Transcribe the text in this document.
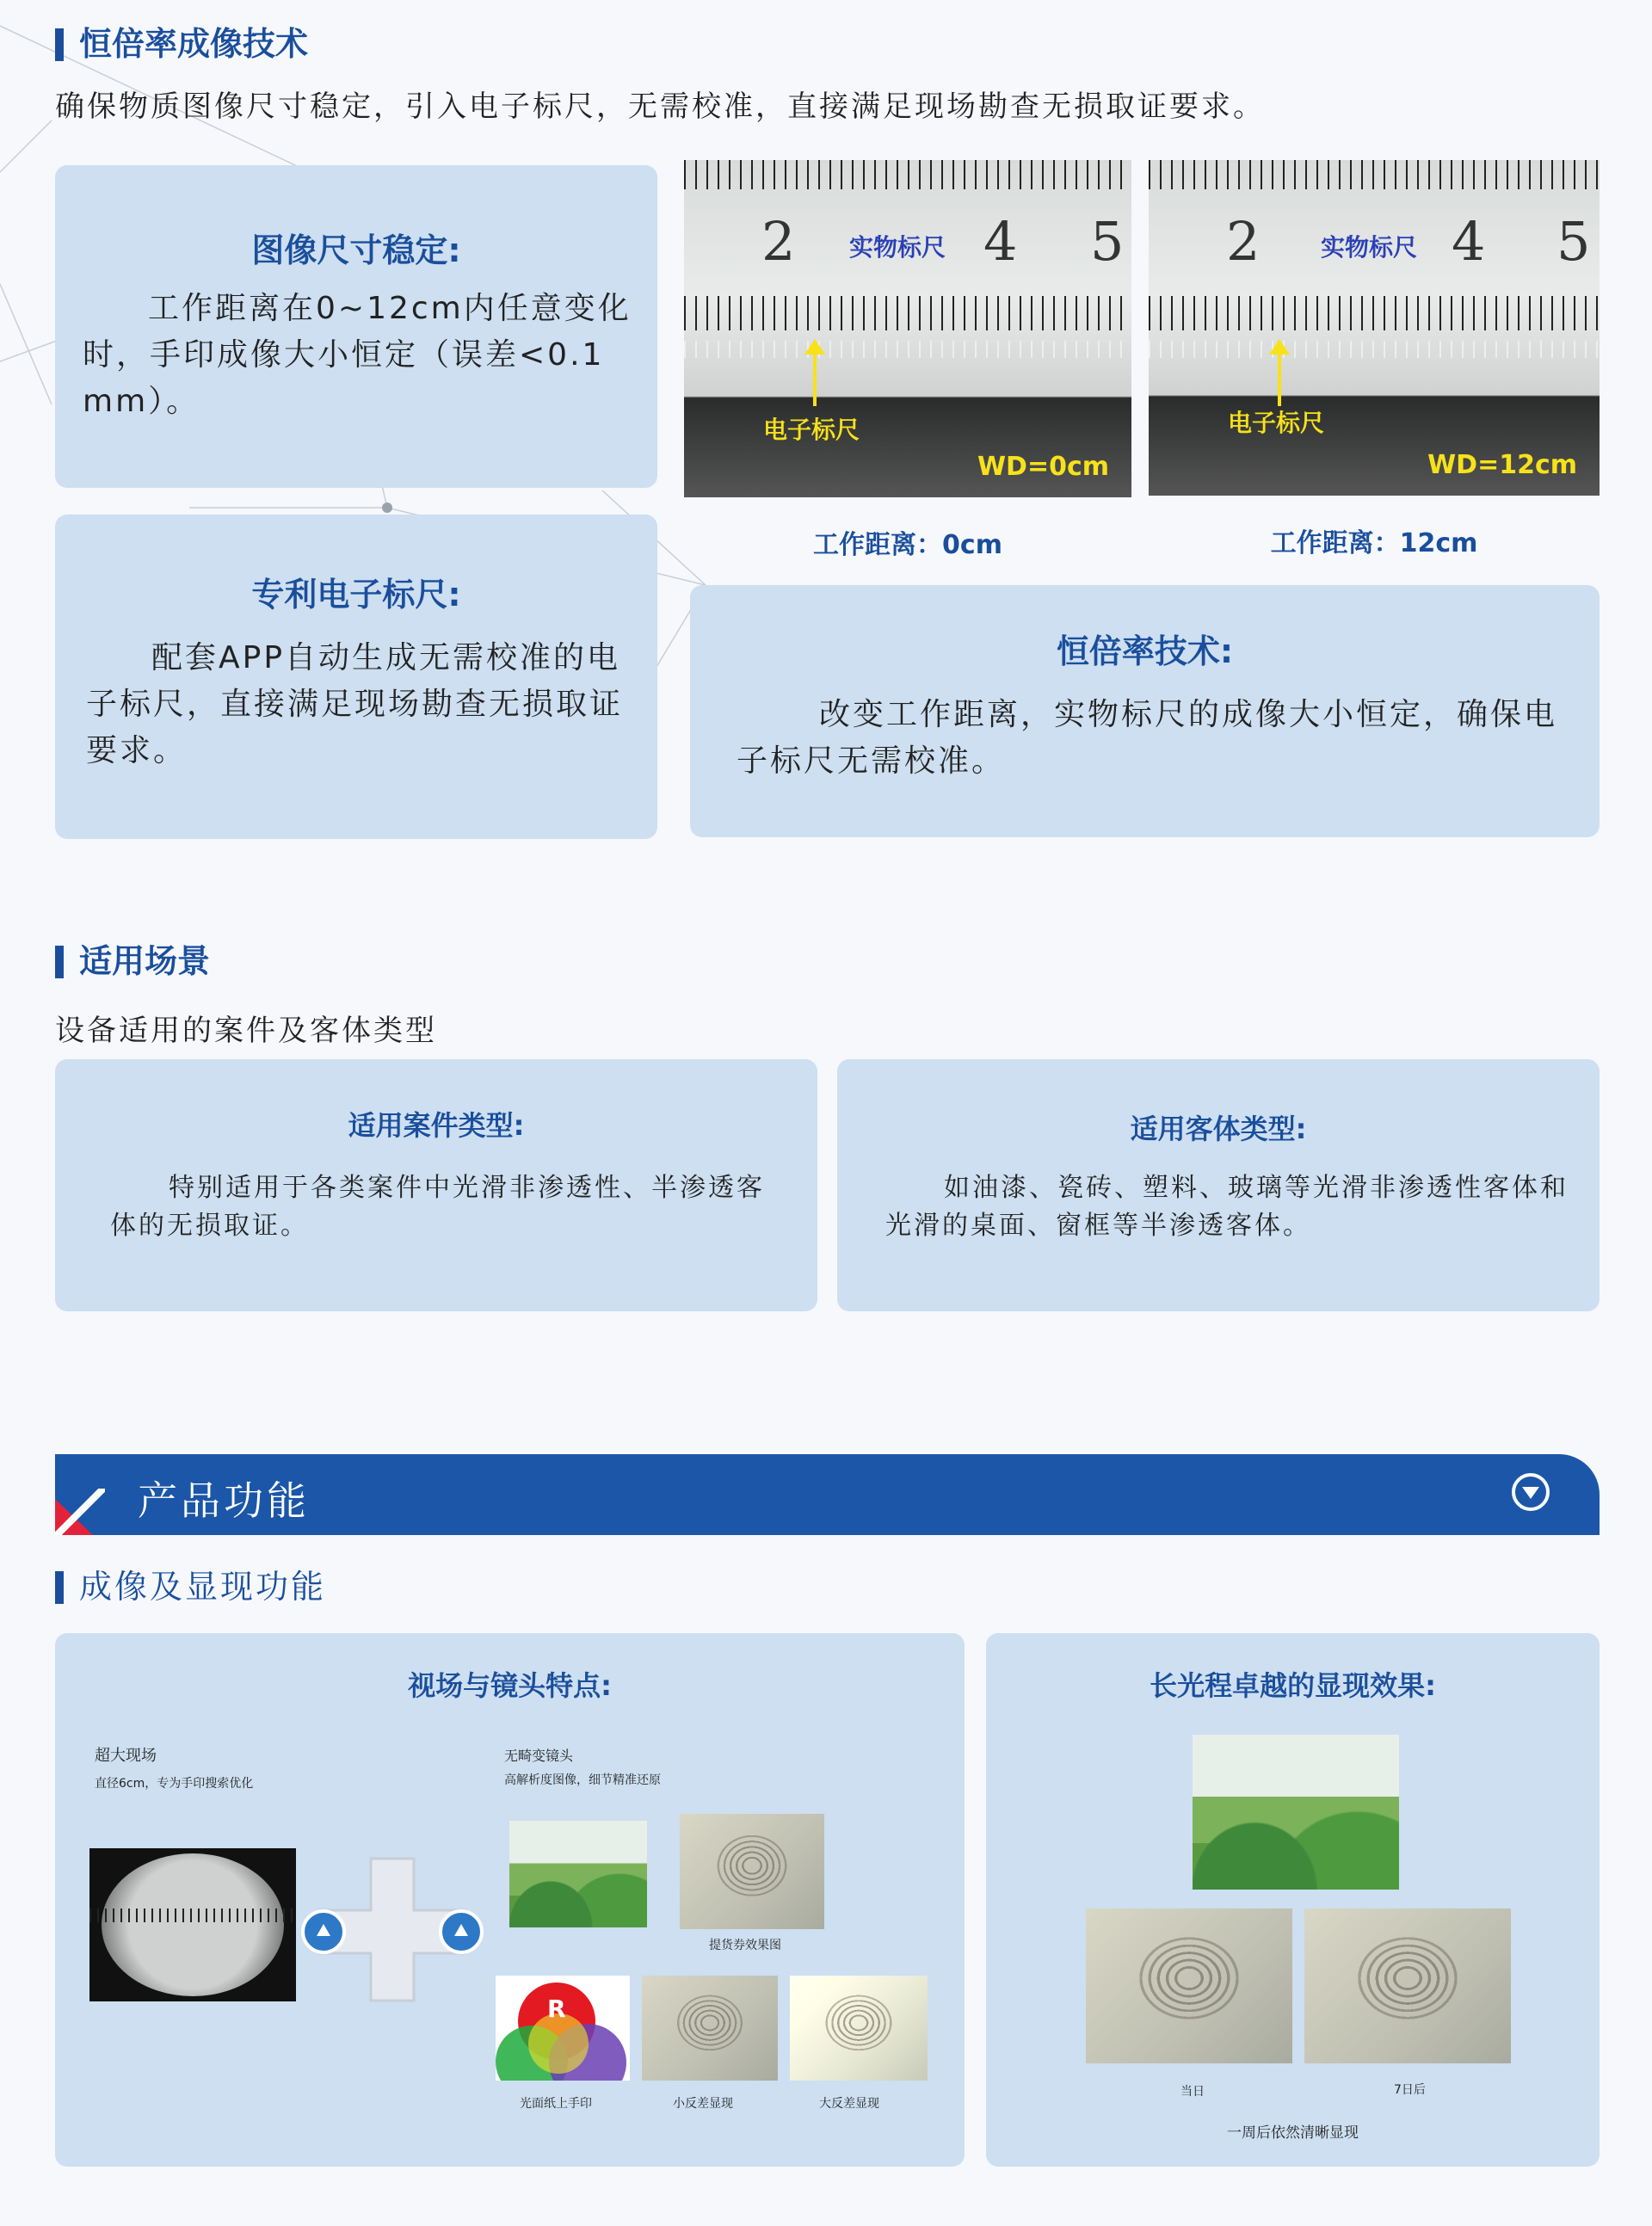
恒倍率成像技术
确保物质图像尺寸稳定，引入电子标尺，无需校准，直接满足现场勘查无损取证要求。
图像尺寸稳定:
工作距离在0~12cm内任意变化时，手印成像大小恒定（误差<0.1 mm）。
专利电子标尺:
配套APP自动生成无需校准的电子标尺，直接满足现场勘查无损取证要求。
2 实物标尺 4 5
电子标尺
WD=0cm
工作距离：0cm
2	实物标尺 4 5
电子标尺
WD=12cm
工作距离：12cm
恒倍率技术:
改变工作距离，实物标尺的成像大小恒定，确保电子标尺无需校准。
适用场景
设备适用的案件及客体类型
适用案件类型:
特别适用于各类案件中光滑非渗透性、半渗透客体的无损取证。
适用客体类型:
如油漆、瓷砖、塑料、玻璃等光滑非渗透性客体和光滑的桌面、窗框等半渗透客体。
产品功能
成像及显现功能
视场与镜头特点:
超大现场
直径6cm，专为手印搜索优化
无畸变镜头
高解析度图像，细节精准还原
提货券效果图
R
光面纸上手印	小反差显现	大反差显现
长光程卓越的显现效果:
当日	7日后
一周后依然清晰显现
